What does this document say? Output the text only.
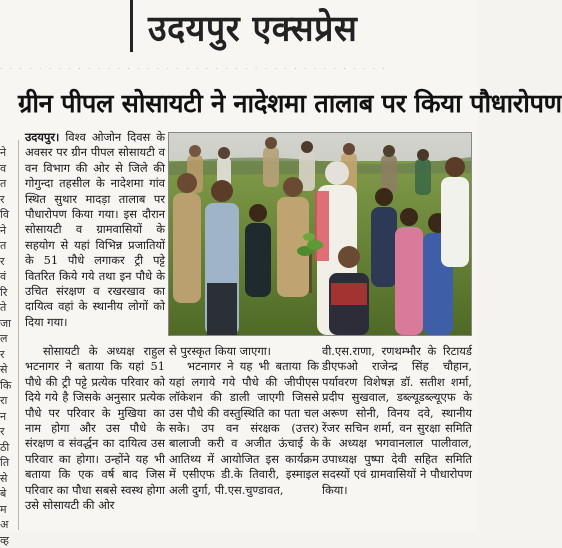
उदयपुर एक्सप्रेस
· · · · · · · · · · · · · · · · · · · · · · · · · · · · · · · · · · · · · · · ·
ने
व
त
र
वि
ने
त
र
वं
रि
ते
जा
ल
र
से
कि
रा
न
र
ठी
ति
से
बे
म
अ
व्ह
ग्रीन पीपल सोसायटी ने नादेशमा तालाब पर किया पौधारोपण

उदयपुर। विश्व ओजोन दिवस के अवसर पर ग्रीन पीपल सोसायटी व वन विभाग की ओर से जिले की गोगुन्दा तहसील के नादेशमा गांव स्थित सुथार मादड़ा तालाब पर पौधारोपण किया गया। इस दौरान सोसायटी व ग्रामवासियों के सहयोग से यहां विभिन्न प्रजातियों के 51 पौधे लगाकर ट्री पट्टे वितरित किये गये तथा इन पौधे के उचित संरक्षण व रखरखाव का दायित्व वहां के स्थानीय लोगों को दिया गया।

सोसायटी के अध्यक्ष राहुल भटनागर ने बताया कि यहां 51 पौधे की ट्री पट्टे प्रत्येक परिवार को दिये गये है जिसके अनुसार प्रत्येक पौधे पर परिवार के मुखिया का नाम होगा और उस पौधे के संरक्षण व संवर्द्धन का दायित्व उस परिवार का होगा। उन्होंने यह भी बताया कि एक वर्ष बाद जिस परिवार का पौधा सबसे स्वस्थ होगा उसे सोसायटी की ओर

से पुरस्कृत किया जाएगा।

भटनागर ने यह भी बताया कि यहां लगाये गये पौधे की जीपीएस लॉकेशन की डाली जाएगी जिससे उस पौधे की वस्तुस्थिति का पता चल सके। उप वन संरक्षक (उत्तर) बालाजी करी व अजीत ऊंचाई के आतिथ्य में आयोजित इस कार्यक्रम में एसीएफ डी.के तिवारी, इस्माइल अली दुर्गा, पी.एस.चुण्डावत,

वी.एस.राणा, रणथम्भौर के रिटायर्ड डीएफओ राजेन्द्र सिंह चौहान, पर्यावरण विशेषज्ञ डॉ. सतीश शर्मा, प्रदीप सुखवाल, डब्ल्यूडब्ल्यूएफ के अरूण सोनी, विनय दवे, स्थानीय रेंजर सचिन शर्मा, वन सुरक्षा समिति के अध्यक्ष भगवानलाल पालीवाल, उपाध्यक्ष पुष्पा देवी सहित समिति सदस्यों एवं ग्रामवासियों ने पौधारोपण किया।
